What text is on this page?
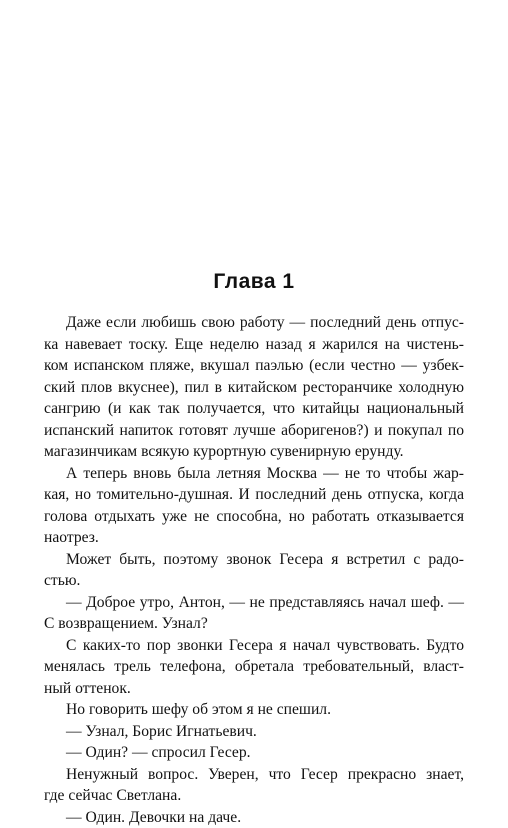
Глава 1
Даже если любишь свою работу — последний день отпус-
ка навевает тоску. Еще неделю назад я жарился на чистень-
ком испанском пляже, вкушал паэлью (если честно — узбек-
ский плов вкуснее), пил в китайском ресторанчике холодную
сангрию (и как так получается, что китайцы национальный
испанский напиток готовят лучше аборигенов?) и покупал по
магазинчикам всякую курортную сувенирную ерунду.
А теперь вновь была летняя Москва — не то чтобы жар-
кая, но томительно-душная. И последний день отпуска, когда
голова отдыхать уже не способна, но работать отказывается
наотрез.
Может быть, поэтому звонок Гесера я встретил с радо-
стью.
— Доброе утро, Антон, — не представляясь начал шеф. —
С возвращением. Узнал?
С каких-то пор звонки Гесера я начал чувствовать. Будто
менялась трель телефона, обретала требовательный, власт-
ный оттенок.
Но говорить шефу об этом я не спешил.
— Узнал, Борис Игнатьевич.
— Один? — спросил Гесер.
Ненужный вопрос. Уверен, что Гесер прекрасно знает,
где сейчас Светлана.
— Один. Девочки на даче.
